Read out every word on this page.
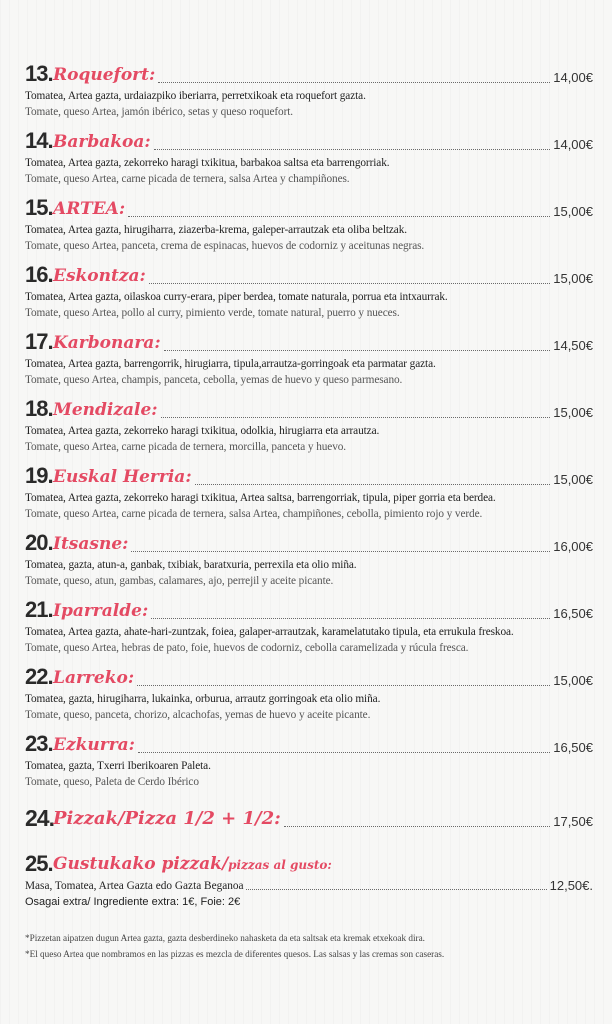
13. Roquefort:	14,00€
Tomatea, Artea gazta, urdaiazpiko iberiarra, perretxikoak eta roquefort gazta.
Tomate, queso Artea, jamón ibérico, setas y queso roquefort.
14. Barbakoa:	14,00€
Tomatea, Artea gazta, zekorreko haragi txikitua, barbakoa saltsa eta barrengorriak.
Tomate, queso Artea, carne picada de ternera, salsa Artea y champiñones.
15. ARTEA:	15,00€
Tomatea, Artea gazta, hirugiharra, ziazerba-krema, galeper-arrautzak eta oliba beltzak.
Tomate, queso Artea, panceta, crema de espinacas, huevos de codorniz y aceitunas negras.
16. Eskontza:	15,00€
Tomatea, Artea gazta, oilaskoa curry-erara, piper berdea, tomate naturala, porrua eta intxaurrak.
Tomate, queso Artea, pollo al curry, pimiento verde, tomate natural, puerro y nueces.
17. Karbonara:	14,50€
Tomatea, Artea gazta, barrengorrik, hirugiarra, tipula,arrautza-gorringoak eta parmatar gazta.
Tomate, queso Artea, champis, panceta, cebolla, yemas de huevo y queso parmesano.
18. Mendizale:	15,00€
Tomatea, Artea gazta, zekorreko haragi txikitua, odolkia, hirugiarra eta arrautza.
Tomate, queso Artea, carne picada de ternera, morcilla, panceta y huevo.
19. Euskal Herria:	15,00€
Tomatea, Artea gazta, zekorreko haragi txikitua, Artea saltsa, barrengorriak, tipula, piper gorria eta berdea.
Tomate, queso Artea, carne picada de ternera, salsa Artea, champiñones, cebolla, pimiento rojo y verde.
20. Itsasne:	16,00€
Tomatea, gazta, atun-a, ganbak, txibiak, baratxuria, perrexila eta olio miña.
Tomate, queso, atun, gambas, calamares, ajo, perrejil y aceite picante.
21. Iparralde:	16,50€
Tomatea, Artea gazta, ahate-hari-zuntzak, foiea, galaper-arrautzak, karamelatutako tipula, eta errukula freskoa.
Tomate, queso Artea, hebras de pato, foie, huevos de codorniz, cebolla caramelizada y rúcula fresca.
22. Larreko:	15,00€
Tomatea, gazta, hirugiharra, lukainka, orburua, arrautz gorringoak eta olio miña.
Tomate, queso, panceta, chorizo, alcachofas, yemas de huevo y aceite picante.
23. Ezkurra:	16,50€
Tomatea, gazta, Txerri Iberikoaren Paleta.
Tomate, queso, Paleta de Cerdo Ibérico
24. Pizzak/Pizza 1/2 + 1/2:	17,50€
25. Gustukako pizzak/pizzas al gusto:
Masa, Tomatea, Artea Gazta edo Gazta Beganoa	12,50€.
Osagai extra/ Ingrediente extra: 1€, Foie: 2€
*Pizzetan aipatzen dugun Artea gazta, gazta desberdineko nahasketa da eta saltsak eta kremak etxekoak dira.
*El queso Artea que nombramos en las pizzas es mezcla de diferentes quesos. Las salsas y las cremas son caseras.
